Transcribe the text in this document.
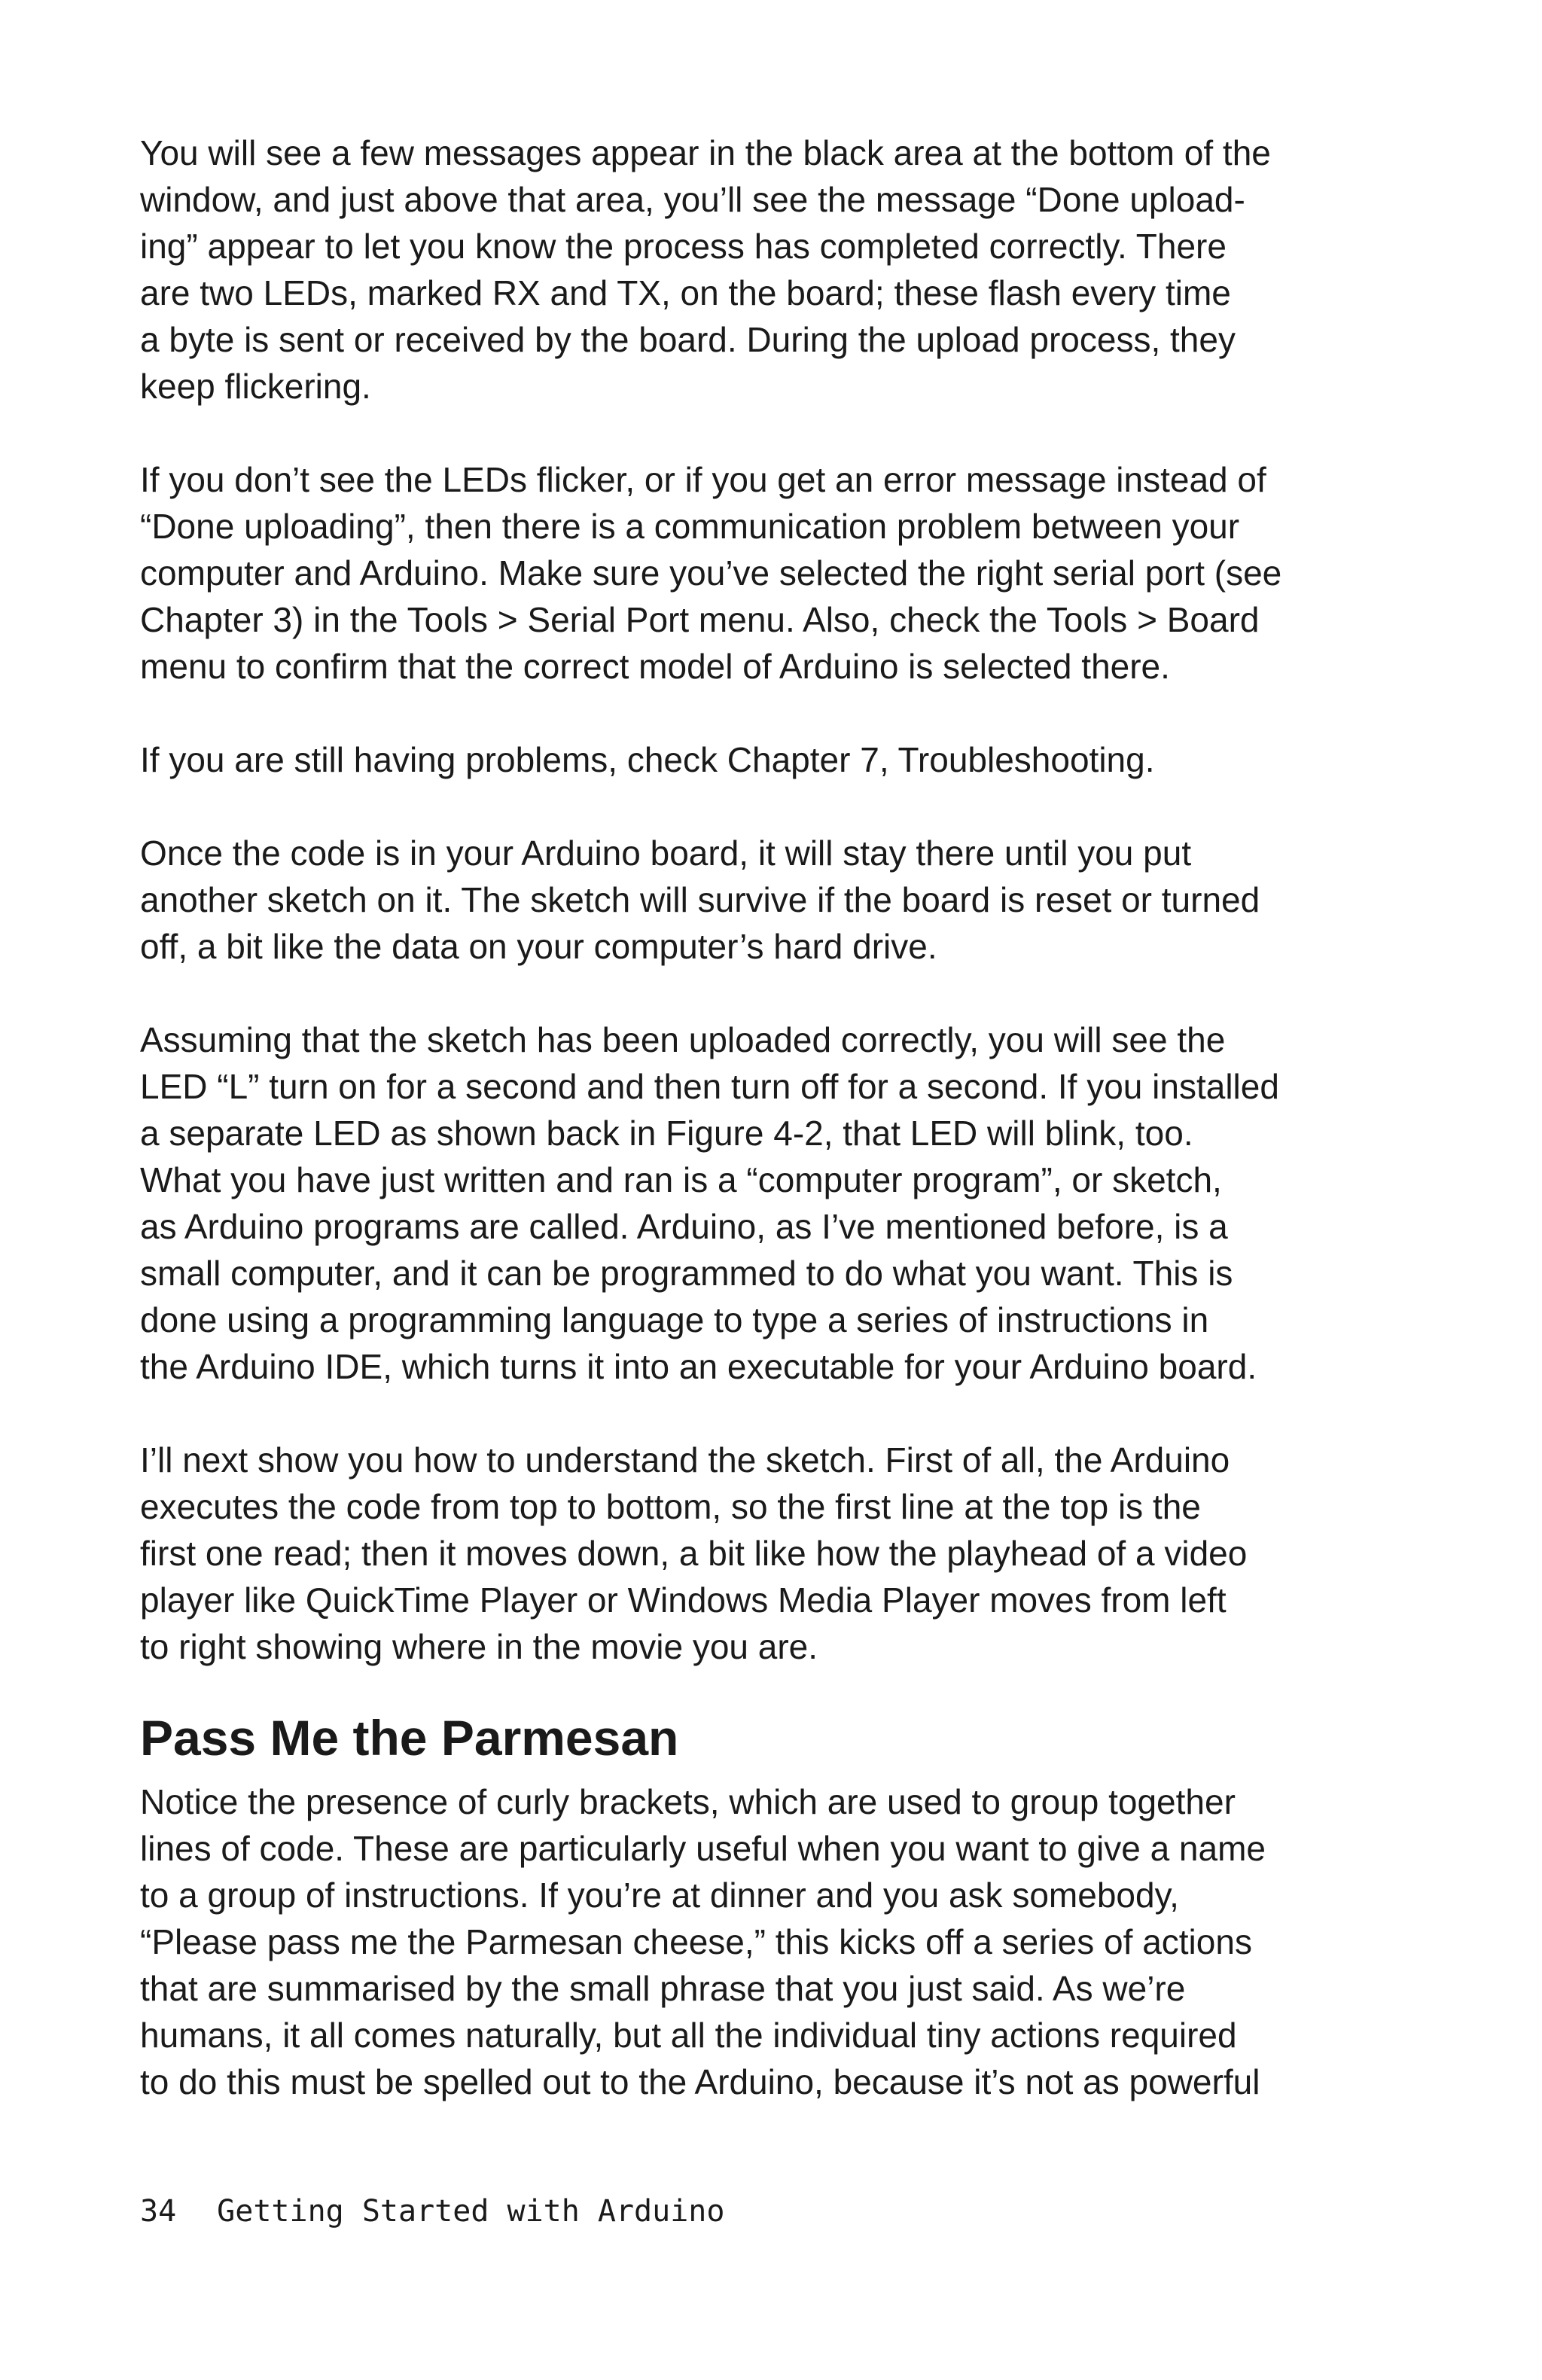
You will see a few messages appear in the black area at the bottom of the
window, and just above that area, you’ll see the message “Done upload-
ing” appear to let you know the process has completed correctly. There
are two LEDs, marked RX and TX, on the board; these flash every time
a byte is sent or received by the board. During the upload process, they
keep flickering.
If you don’t see the LEDs flicker, or if you get an error message instead of
“Done uploading”, then there is a communication problem between your
computer and Arduino. Make sure you’ve selected the right serial port (see
Chapter 3) in the Tools > Serial Port menu. Also, check the Tools > Board
menu to confirm that the correct model of Arduino is selected there.
If you are still having problems, check Chapter 7, Troubleshooting.
Once the code is in your Arduino board, it will stay there until you put
another sketch on it. The sketch will survive if the board is reset or turned
off, a bit like the data on your computer’s hard drive.
Assuming that the sketch has been uploaded correctly, you will see the
LED “L” turn on for a second and then turn off for a second. If you installed
a separate LED as shown back in Figure 4-2, that LED will blink, too.
What you have just written and ran is a “computer program”, or sketch,
as Arduino programs are called. Arduino, as I’ve mentioned before, is a
small computer, and it can be programmed to do what you want. This is
done using a programming language to type a series of instructions in
the Arduino IDE, which turns it into an executable for your Arduino board.
I’ll next show you how to understand the sketch. First of all, the Arduino
executes the code from top to bottom, so the first line at the top is the
first one read; then it moves down, a bit like how the playhead of a video
player like QuickTime Player or Windows Media Player moves from left
to right showing where in the movie you are.
Pass Me the Parmesan
Notice the presence of curly brackets, which are used to group together
lines of code. These are particularly useful when you want to give a name
to a group of instructions. If you’re at dinner and you ask somebody,
“Please pass me the Parmesan cheese,” this kicks off a series of actions
that are summarised by the small phrase that you just said. As we’re
humans, it all comes naturally, but all the individual tiny actions required
to do this must be spelled out to the Arduino, because it’s not as powerful
34 Getting Started with Arduino
